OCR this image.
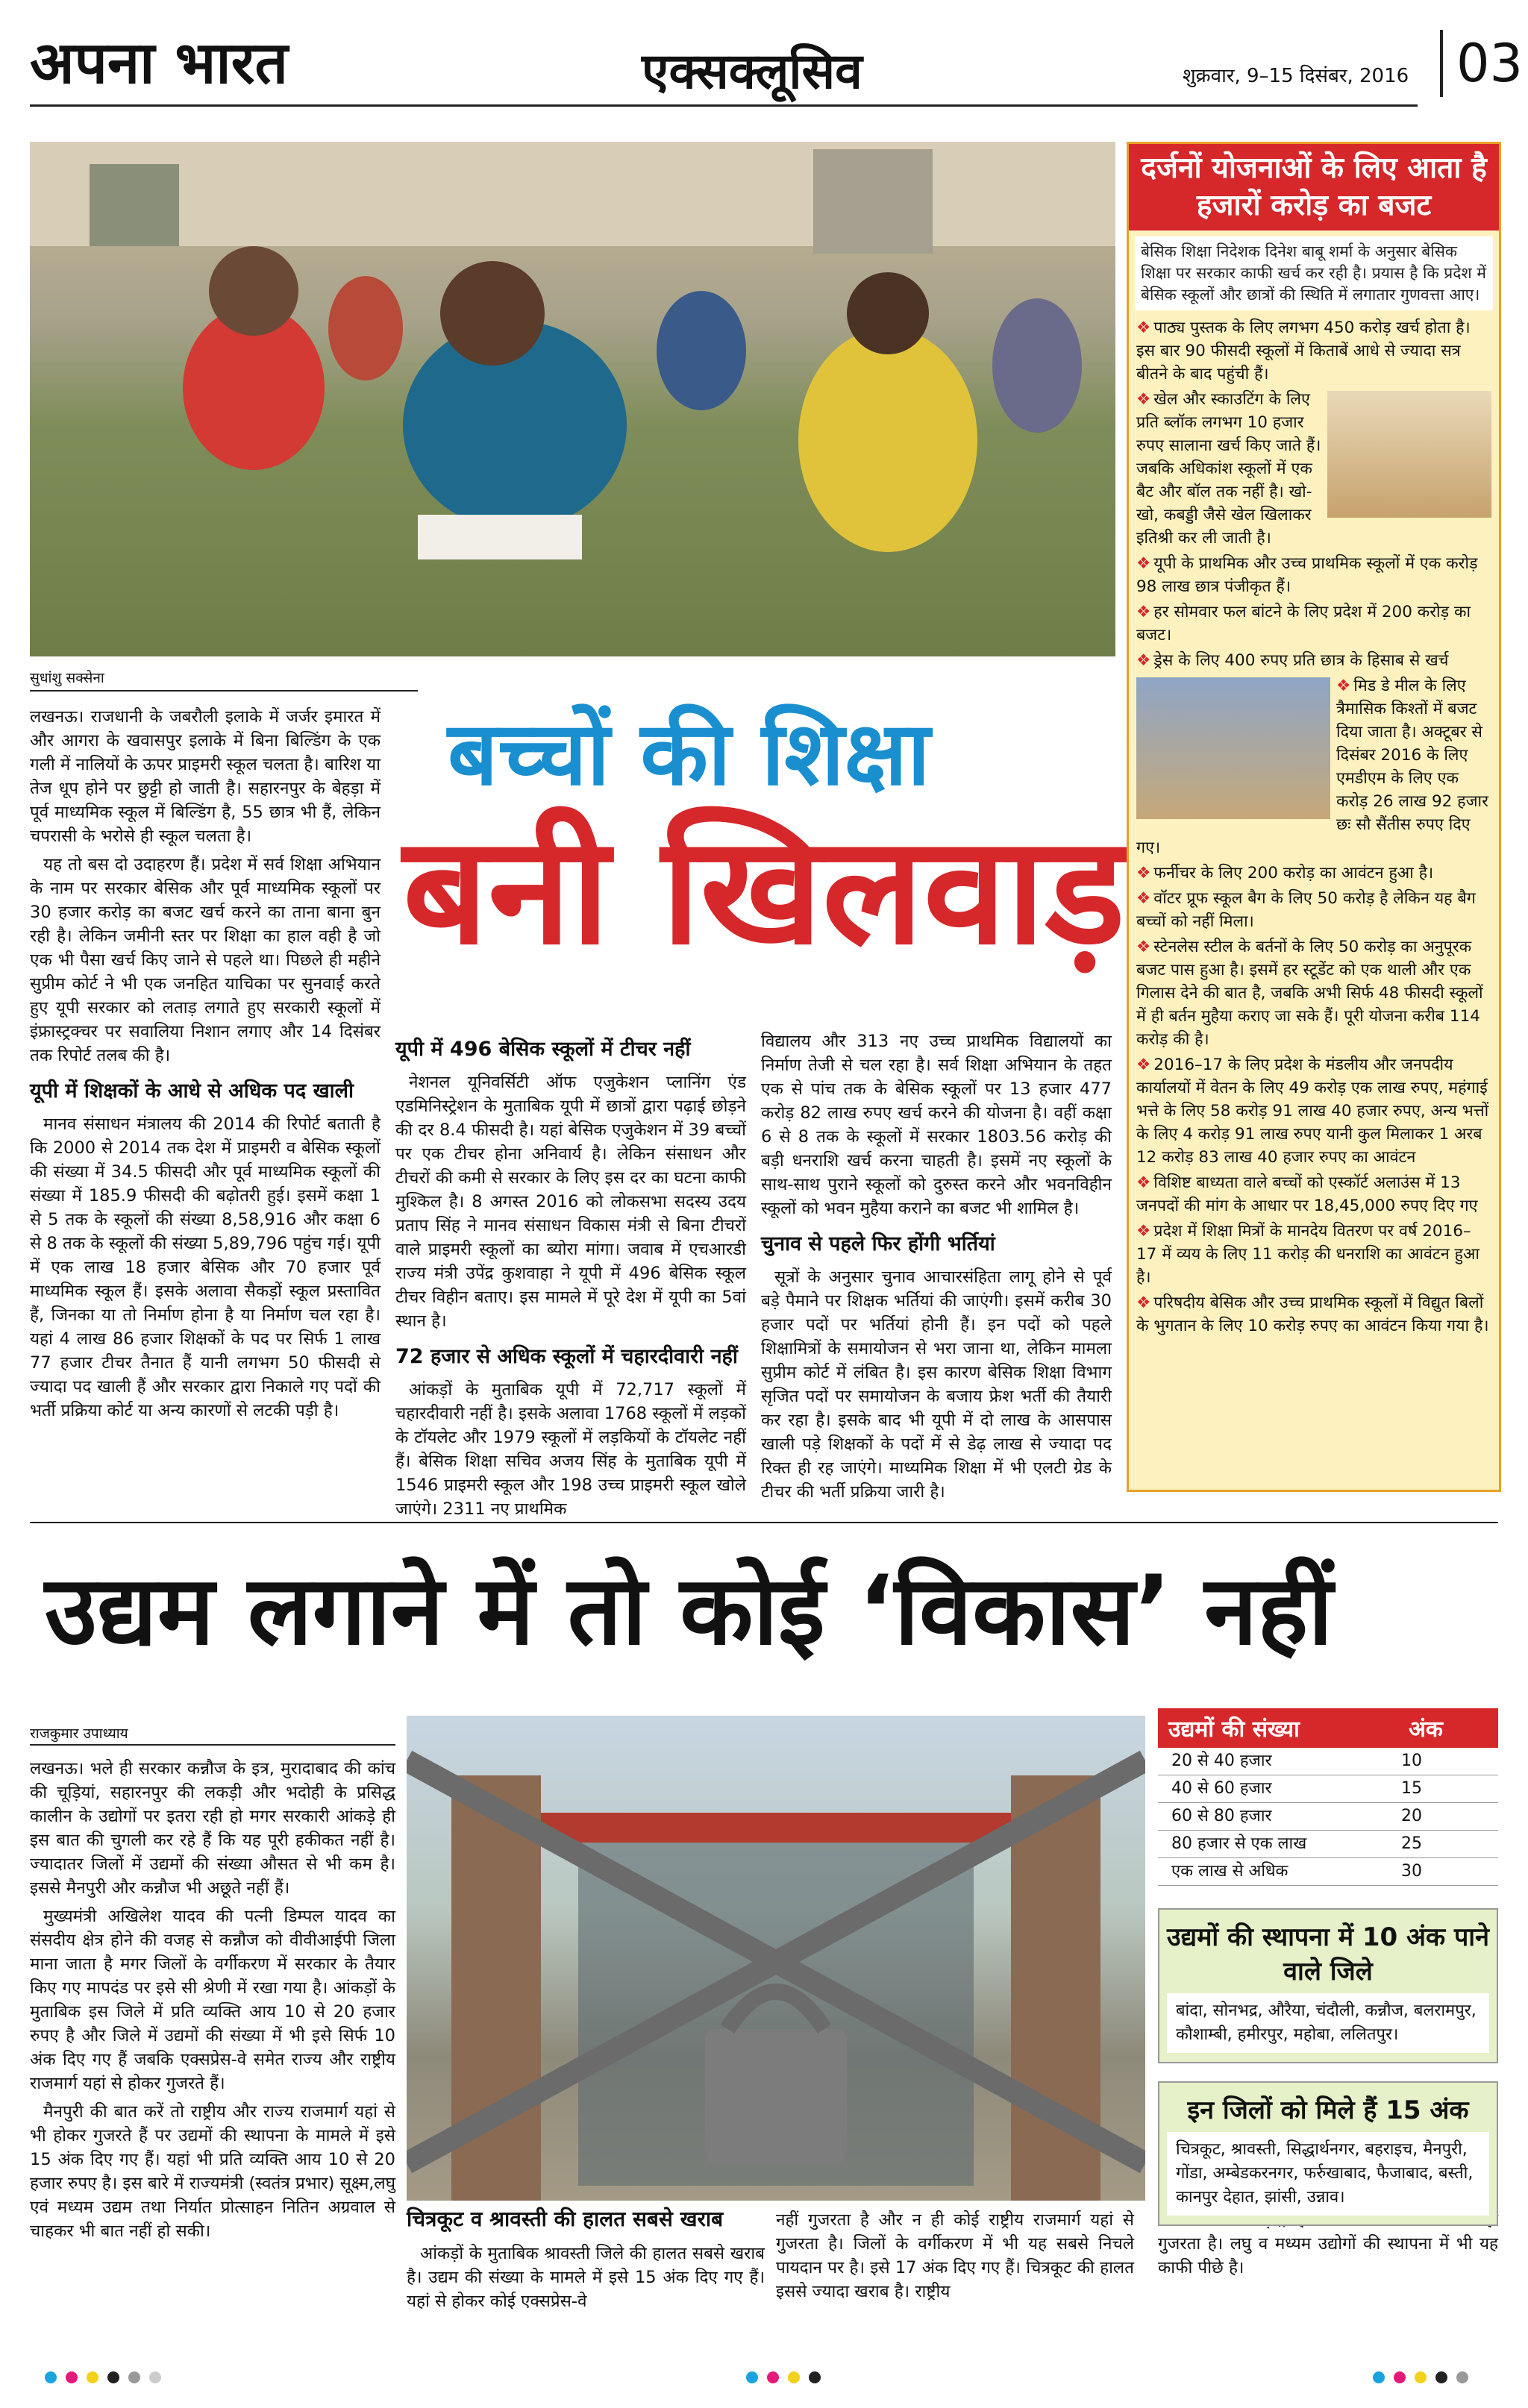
अपना भारत	एक्सक्लूसिव	शुक्रवार, 9–15 दिसंबर, 2016 03
सुधांशु सक्सेना
बच्चों की शिक्षा
बनी खिलवाड़

लखनऊ। राजधानी के जबरौली इलाके में जर्जर इमारत में और आगरा के खवासपुर इलाके में बिना बिल्डिंग के एक गली में नालियों के ऊपर प्राइमरी स्कूल चलता है। बारिश या तेज धूप होने पर छुट्टी हो जाती है। सहारनपुर के बेहड़ा में पूर्व माध्यमिक स्कूल में बिल्डिंग है, 55 छात्र भी हैं, लेकिन चपरासी के भरोसे ही स्कूल चलता है।

यह तो बस दो उदाहरण हैं। प्रदेश में सर्व शिक्षा अभियान के नाम पर सरकार बेसिक और पूर्व माध्यमिक स्कूलों पर 30 हजार करोड़ का बजट खर्च करने का ताना बाना बुन रही है। लेकिन जमीनी स्तर पर शिक्षा का हाल वही है जो एक भी पैसा खर्च किए जाने से पहले था। पिछले ही महीने सुप्रीम कोर्ट ने भी एक जनहित याचिका पर सुनवाई करते हुए यूपी सरकार को लताड़ लगाते हुए सरकारी स्कूलों में इंफ्रास्ट्रक्चर पर सवालिया निशान लगाए और 14 दिसंबर तक रिपोर्ट तलब की है।

यूपी में शिक्षकों के आधे से अधिक पद खाली

मानव संसाधन मंत्रालय की 2014 की रिपोर्ट बताती है कि 2000 से 2014 तक देश में प्राइमरी व बेसिक स्कूलों की संख्या में 34.5 फीसदी और पूर्व माध्यमिक स्कूलों की संख्या में 185.9 फीसदी की बढ़ोतरी हुई। इसमें कक्षा 1 से 5 तक के स्कूलों की संख्या 8,58,916 और कक्षा 6 से 8 तक के स्कूलों की संख्या 5,89,796 पहुंच गई। यूपी में एक लाख 18 हजार बेसिक और 70 हजार पूर्व माध्यमिक स्कूल हैं। इसके अलावा सैकड़ों स्कूल प्रस्तावित हैं, जिनका या तो निर्माण होना है या निर्माण चल रहा है। यहां 4 लाख 86 हजार शिक्षकों के पद पर सिर्फ 1 लाख 77 हजार टीचर तैनात हैं यानी लगभग 50 फीसदी से ज्यादा पद खाली हैं और सरकार द्वारा निकाले गए पदों की भर्ती प्रक्रिया कोर्ट या अन्य कारणों से लटकी पड़ी है।

यूपी में 496 बेसिक स्कूलों में टीचर नहीं

नेशनल यूनिवर्सिटी ऑफ एजुकेशन प्लानिंग एंड एडमिनिस्ट्रेशन के मुताबिक यूपी में छात्रों द्वारा पढ़ाई छोड़ने की दर 8.4 फीसदी है। यहां बेसिक एजुकेशन में 39 बच्चों पर एक टीचर होना अनिवार्य है। लेकिन संसाधन और टीचरों की कमी से सरकार के लिए इस दर का घटना काफी मुश्किल है। 8 अगस्त 2016 को लोकसभा सदस्य उदय प्रताप सिंह ने मानव संसाधन विकास मंत्री से बिना टीचरों वाले प्राइमरी स्कूलों का ब्योरा मांगा। जवाब में एचआरडी राज्य मंत्री उपेंद्र कुशवाहा ने यूपी में 496 बेसिक स्कूल टीचर विहीन बताए। इस मामले में पूरे देश में यूपी का 5वां स्थान है।

72 हजार से अधिक स्कूलों में चहारदीवारी नहीं

आंकड़ों के मुताबिक यूपी में 72,717 स्कूलों में चहारदीवारी नहीं है। इसके अलावा 1768 स्कूलों में लड़कों के टॉयलेट और 1979 स्कूलों में लड़कियों के टॉयलेट नहीं हैं। बेसिक शिक्षा सचिव अजय सिंह के मुताबिक यूपी में 1546 प्राइमरी स्कूल और 198 उच्च प्राइमरी स्कूल खोले जाएंगे। 2311 नए प्राथमिक

विद्यालय और 313 नए उच्च प्राथमिक विद्यालयों का निर्माण तेजी से चल रहा है। सर्व शिक्षा अभियान के तहत एक से पांच तक के बेसिक स्कूलों पर 13 हजार 477 करोड़ 82 लाख रुपए खर्च करने की योजना है। वहीं कक्षा 6 से 8 तक के स्कूलों में सरकार 1803.56 करोड़ की बड़ी धनराशि खर्च करना चाहती है। इसमें नए स्कूलों के साथ-साथ पुराने स्कूलों को दुरुस्त करने और भवनविहीन स्कूलों को भवन मुहैया कराने का बजट भी शामिल है।

चुनाव से पहले फिर होंगी भर्तियां

सूत्रों के अनुसार चुनाव आचारसंहिता लागू होने से पूर्व बड़े पैमाने पर शिक्षक भर्तियां की जाएंगी। इसमें करीब 30 हजार पदों पर भर्तियां होनी हैं। इन पदों को पहले शिक्षामित्रों के समायोजन से भरा जाना था, लेकिन मामला सुप्रीम कोर्ट में लंबित है। इस कारण बेसिक शिक्षा विभाग सृजित पदों पर समायोजन के बजाय फ्रेश भर्ती की तैयारी कर रहा है। इसके बाद भी यूपी में दो लाख के आसपास खाली पड़े शिक्षकों के पदों में से डेढ़ लाख से ज्यादा पद रिक्त ही रह जाएंगे। माध्यमिक शिक्षा में भी एलटी ग्रेड के टीचर की भर्ती प्रक्रिया जारी है।

दर्जनों योजनाओं के लिए आता है हजारों करोड़ का बजट
बेसिक शिक्षा निदेशक दिनेश बाबू शर्मा के अनुसार बेसिक शिक्षा पर सरकार काफी खर्च कर रही है। प्रयास है कि प्रदेश में बेसिक स्कूलों और छात्रों की स्थिति में लगातार गुणवत्ता आए।
❖ पाठ्य पुस्तक के लिए लगभग 450 करोड़ खर्च होता है। इस बार 90 फीसदी स्कूलों में किताबें आधे से ज्यादा सत्र बीतने के बाद पहुंची हैं।
❖ खेल और स्काउटिंग के लिए प्रति ब्लॉक लगभग 10 हजार रुपए सालाना खर्च किए जाते हैं। जबकि अधिकांश स्कूलों में एक बैट और बॉल तक नहीं है। खो-खो, कबड्डी जैसे खेल खिलाकर इतिश्री कर ली जाती है।
❖ यूपी के प्राथमिक और उच्च प्राथमिक स्कूलों में एक करोड़ 98 लाख छात्र पंजीकृत हैं।
❖ हर सोमवार फल बांटने के लिए प्रदेश में 200 करोड़ का बजट।
❖ ड्रेस के लिए 400 रुपए प्रति छात्र के हिसाब से खर्च
❖ मिड डे मील के लिए त्रैमासिक किश्तों में बजट दिया जाता है। अक्टूबर से दिसंबर 2016 के लिए एमडीएम के लिए एक करोड़ 26 लाख 92 हजार छः सौ सैंतीस रुपए दिए गए।
❖ फर्नीचर के लिए 200 करोड़ का आवंटन हुआ है।
❖ वॉटर प्रूफ स्कूल बैग के लिए 50 करोड़ है लेकिन यह बैग बच्चों को नहीं मिला।
❖ स्टेनलेस स्टील के बर्तनों के लिए 50 करोड़ का अनुपूरक बजट पास हुआ है। इसमें हर स्टूडेंट को एक थाली और एक गिलास देने की बात है, जबकि अभी सिर्फ 48 फीसदी स्कूलों में ही बर्तन मुहैया कराए जा सके हैं। पूरी योजना करीब 114 करोड़ की है।
❖ 2016–17 के लिए प्रदेश के मंडलीय और जनपदीय कार्यालयों में वेतन के लिए 49 करोड़ एक लाख रुपए, महंगाई भत्ते के लिए 58 करोड़ 91 लाख 40 हजार रुपए, अन्य भत्तों के लिए 4 करोड़ 91 लाख रुपए यानी कुल मिलाकर 1 अरब 12 करोड़ 83 लाख 40 हजार रुपए का आवंटन
❖ विशिष्ट बाध्यता वाले बच्चों को एस्कॉर्ट अलाउंस में 13 जनपदों की मांग के आधार पर 18,45,000 रुपए दिए गए
❖ प्रदेश में शिक्षा मित्रों के मानदेय वितरण पर वर्ष 2016–17 में व्यय के लिए 11 करोड़ की धनराशि का आवंटन हुआ है।
❖ परिषदीय बेसिक और उच्च प्राथमिक स्कूलों में विद्युत बिलों के भुगतान के लिए 10 करोड़ रुपए का आवंटन किया गया है।
उद्यम लगाने में तो कोई ‘विकास’ नहीं
राजकुमार उपाध्याय

लखनऊ। भले ही सरकार कन्नौज के इत्र, मुरादाबाद की कांच की चूड़ियां, सहारनपुर की लकड़ी और भदोही के प्रसिद्ध कालीन के उद्योगों पर इतरा रही हो मगर सरकारी आंकड़े ही इस बात की चुगली कर रहे हैं कि यह पूरी हकीकत नहीं है। ज्यादातर जिलों में उद्यमों की संख्या औसत से भी कम है। इससे मैनपुरी और कन्नौज भी अछूते नहीं हैं।

मुख्यमंत्री अखिलेश यादव की पत्नी डिम्पल यादव का संसदीय क्षेत्र होने की वजह से कन्नौज को वीवीआईपी जिला माना जाता है मगर जिलों के वर्गीकरण में सरकार के तैयार किए गए मापदंड पर इसे सी श्रेणी में रखा गया है। आंकड़ों के मुताबिक इस जिले में प्रति व्यक्ति आय 10 से 20 हजार रुपए है और जिले में उद्यमों की संख्या में भी इसे सिर्फ 10 अंक दिए गए हैं जबकि एक्सप्रेस-वे समेत राज्य और राष्ट्रीय राजमार्ग यहां से होकर गुजरते हैं।

मैनपुरी की बात करें तो राष्ट्रीय और राज्य राजमार्ग यहां से भी होकर गुजरते हैं पर उद्यमों की स्थापना के मामले में इसे 15 अंक दिए गए हैं। यहां भी प्रति व्यक्ति आय 10 से 20 हजार रुपए है। इस बारे में राज्यमंत्री (स्वतंत्र प्रभार) सूक्ष्म,लघु एवं मध्यम उद्यम तथा निर्यात प्रोत्साहन नितिन अग्रवाल से चाहकर भी बात नहीं हो सकी।	चित्रकूट व श्रावस्ती की हालत सबसे खराब

आंकड़ों के मुताबिक श्रावस्ती जिले की हालत सबसे खराब है। उद्यम की संख्या के मामले में इसे 15 अंक दिए गए हैं। यहां से होकर कोई एक्सप्रेस-वे

नहीं गुजरता है और न ही कोई राष्ट्रीय राजमार्ग यहां से गुजरता है। जिलों के वर्गीकरण में भी यह सबसे निचले पायदान पर है। इसे 17 अंक दिए गए हैं। चित्रकूट की हालत इससे ज्यादा खराब है। राष्ट्रीय

गुजरता है। लघु व मध्यम उद्योगों की स्थापना में भी यह काफी पीछे है।

उद्यमों की संख्या	अंक
20 से 40 हजार	10
40 से 60 हजार	15
60 से 80 हजार	20
80 हजार से एक लाख	25
एक लाख से अधिक	30
उद्यमों की स्थापना में 10 अंक पाने वाले जिले
बांदा, सोनभद्र, औरैया, चंदौली, कन्नौज, बलरामपुर, कौशाम्बी, हमीरपुर, महोबा, ललितपुर।
इन जिलों को मिले हैं 15 अंक
चित्रकूट, श्रावस्ती, सिद्धार्थनगर, बहराइच, मैनपुरी, गोंडा, अम्बेडकरनगर, फर्रुखाबाद, फैजाबाद, बस्ती, कानपुर देहात, झांसी, उन्नाव।
